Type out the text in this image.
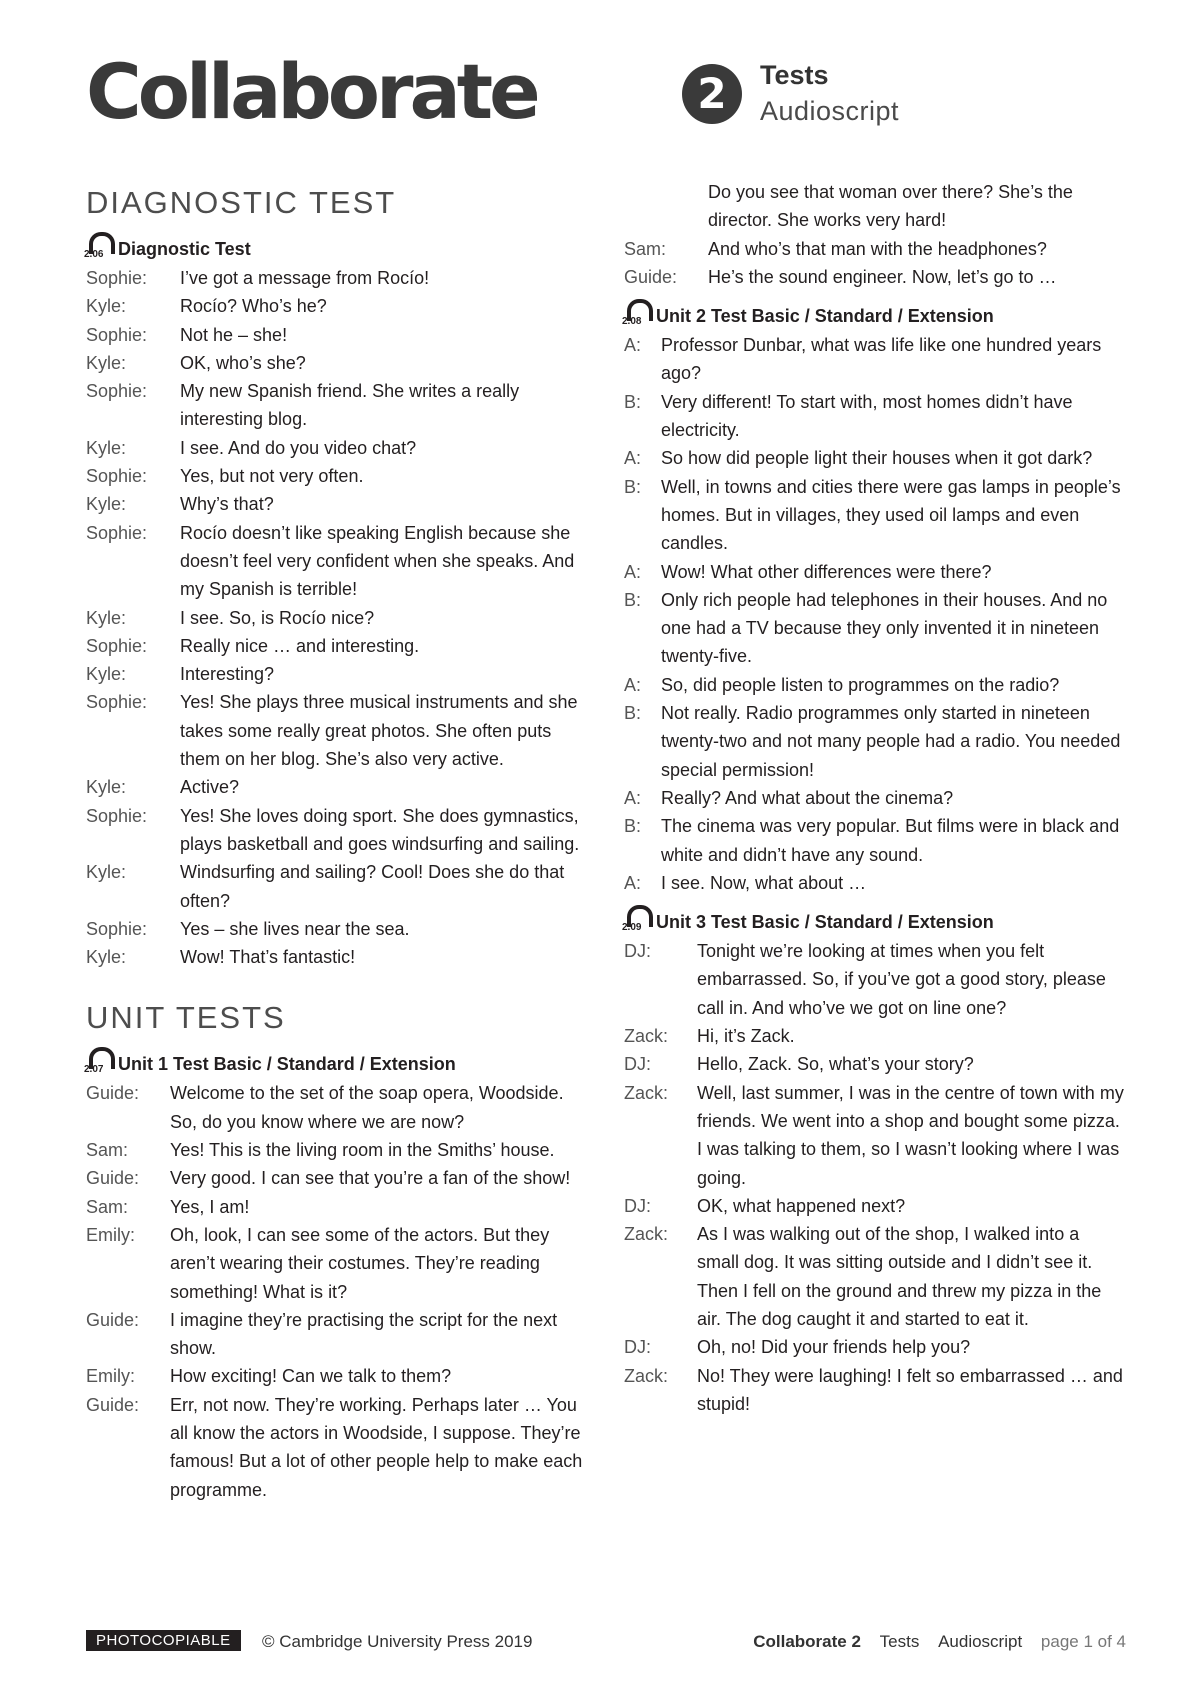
Collaborate	2	Tests
Audioscript
DIAGNOSTIC TEST
2.06 Diagnostic Test
Sophie:	I’ve got a message from Rocío!
Kyle:	Rocío? Who’s he?
Sophie:	Not he – she!
Kyle:	OK, who’s she?
Sophie:	My new Spanish friend. She writes a really interesting blog.
Kyle:	I see. And do you video chat?
Sophie:	Yes, but not very often.
Kyle:	Why’s that?
Sophie:	Rocío doesn’t like speaking English because she doesn’t feel very confident when she speaks. And my Spanish is terrible!
Kyle:	I see. So, is Rocío nice?
Sophie:	Really nice … and interesting.
Kyle:	Interesting?
Sophie:	Yes! She plays three musical instruments and she takes some really great photos. She often puts them on her blog. She’s also very active.
Kyle:	Active?
Sophie:	Yes! She loves doing sport. She does gymnastics, plays basketball and goes windsurfing and sailing.
Kyle:	Windsurfing and sailing? Cool! Does she do that often?
Sophie:	Yes – she lives near the sea.
Kyle:	Wow! That’s fantastic!
UNIT TESTS
2.07 Unit 1 Test Basic / Standard / Extension
Guide:	Welcome to the set of the soap opera, Woodside. So, do you know where we are now?
Sam:	Yes! This is the living room in the Smiths’ house.
Guide:	Very good. I can see that you’re a fan of the show!
Sam:	Yes, I am!
Emily:	Oh, look, I can see some of the actors. But they aren’t wearing their costumes. They’re reading something! What is it?
Guide:	I imagine they’re practising the script for the next show.
Emily:	How exciting! Can we talk to them?
Guide:	Err, not now. They’re working. Perhaps later … You all know the actors in Woodside, I suppose. They’re famous! But a lot of other people help to make each programme.
Do you see that woman over there? She’s the director. She works very hard!
Sam:	And who’s that man with the headphones?
Guide:	He’s the sound engineer. Now, let’s go to …
2.08 Unit 2 Test Basic / Standard / Extension
A:	Professor Dunbar, what was life like one hundred years ago?
B:	Very different! To start with, most homes didn’t have electricity.
A:	So how did people light their houses when it got dark?
B:	Well, in towns and cities there were gas lamps in people’s homes. But in villages, they used oil lamps and even candles.
A:	Wow! What other differences were there?
B:	Only rich people had telephones in their houses. And no one had a TV because they only invented it in nineteen twenty-five.
A:	So, did people listen to programmes on the radio?
B:	Not really. Radio programmes only started in nineteen twenty-two and not many people had a radio. You needed special permission!
A:	Really? And what about the cinema?
B:	The cinema was very popular. But films were in black and white and didn’t have any sound.
A:	I see. Now, what about …
2.09 Unit 3 Test Basic / Standard / Extension
DJ:	Tonight we’re looking at times when you felt embarrassed. So, if you’ve got a good story, please call in. And who’ve we got on line one?
Zack:	Hi, it’s Zack.
DJ:	Hello, Zack. So, what’s your story?
Zack:	Well, last summer, I was in the centre of town with my friends. We went into a shop and bought some pizza. I was talking to them, so I wasn’t looking where I was going.
DJ:	OK, what happened next?
Zack:	As I was walking out of the shop, I walked into a small dog. It was sitting outside and I didn’t see it. Then I fell on the ground and threw my pizza in the air. The dog caught it and started to eat it.
DJ:	Oh, no! Did your friends help you?
Zack:	No! They were laughing! I felt so embarrassed … and stupid!
PHOTOCOPIABLE	© Cambridge University Press 2019	Collaborate 2 Tests Audioscript page 1 of 4
